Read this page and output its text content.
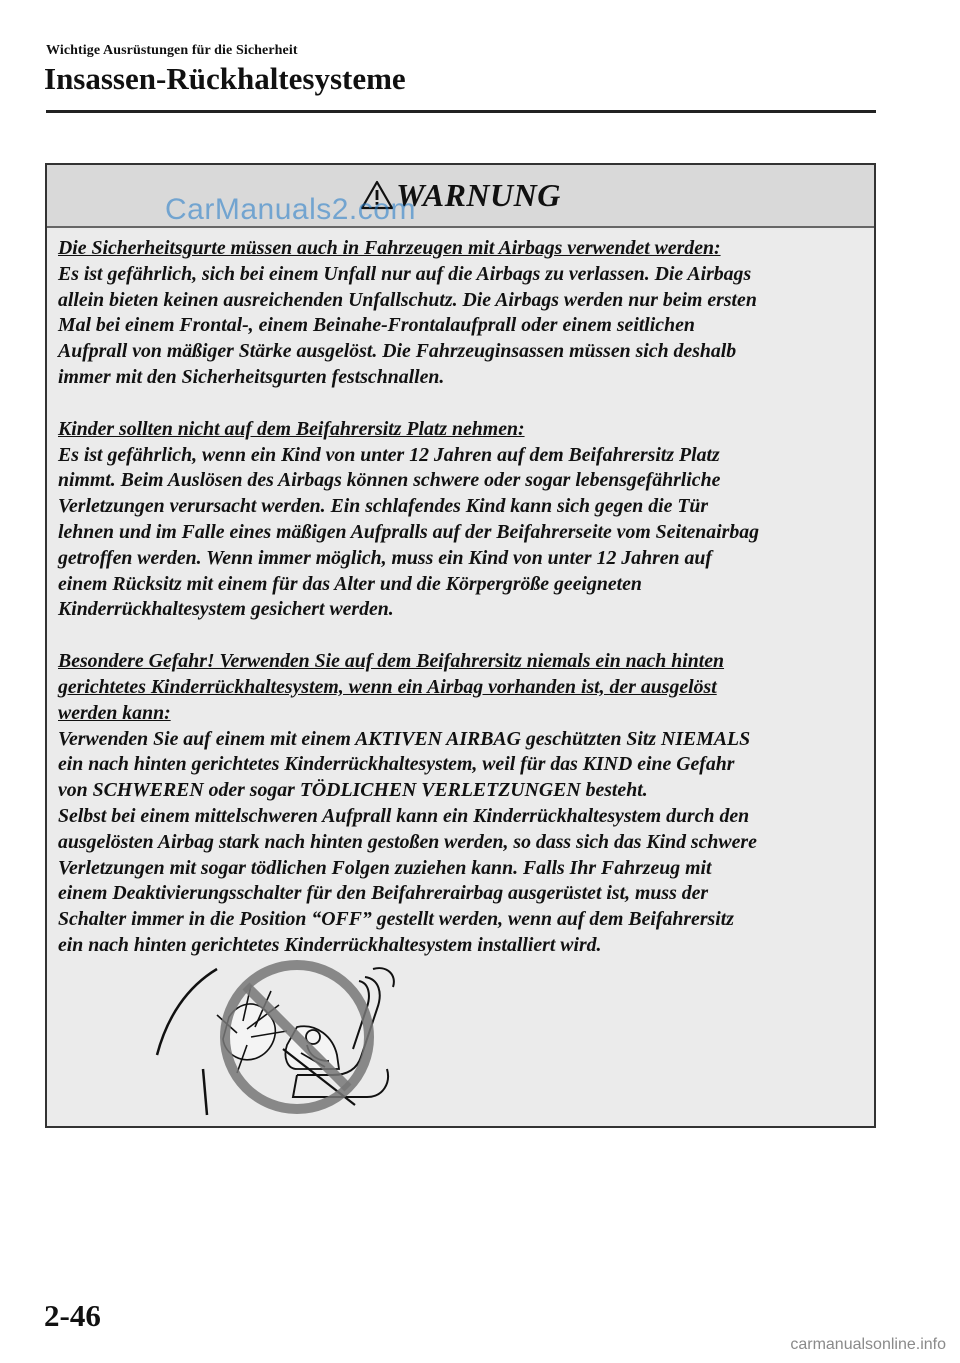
Wichtige Ausrüstungen für die Sicherheit
Insassen-Rückhaltesysteme
WARNUNG
CarManuals2.com

Die Sicherheitsgurte müssen auch in Fahrzeugen mit Airbags verwendet werden:
Es ist gefährlich, sich bei einem Unfall nur auf die Airbags zu verlassen. Die Airbags
allein bieten keinen ausreichenden Unfallschutz. Die Airbags werden nur beim ersten
Mal bei einem Frontal-, einem Beinahe-Frontalaufprall oder einem seitlichen
Aufprall von mäßiger Stärke ausgelöst. Die Fahrzeuginsassen müssen sich deshalb
immer mit den Sicherheitsgurten festschnallen.

Kinder sollten nicht auf dem Beifahrersitz Platz nehmen:
Es ist gefährlich, wenn ein Kind von unter 12 Jahren auf dem Beifahrersitz Platz
nimmt. Beim Auslösen des Airbags können schwere oder sogar lebensgefährliche
Verletzungen verursacht werden. Ein schlafendes Kind kann sich gegen die Tür
lehnen und im Falle eines mäßigen Aufpralls auf der Beifahrerseite vom Seitenairbag
getroffen werden. Wenn immer möglich, muss ein Kind von unter 12 Jahren auf
einem Rücksitz mit einem für das Alter und die Körpergröße geeigneten
Kinderrückhaltesystem gesichert werden.

Besondere Gefahr! Verwenden Sie auf dem Beifahrersitz niemals ein nach hinten
gerichtetes Kinderrückhaltesystem, wenn ein Airbag vorhanden ist, der ausgelöst
werden kann:
Verwenden Sie auf einem mit einem AKTIVEN AIRBAG geschützten Sitz NIEMALS
ein nach hinten gerichtetes Kinderrückhaltesystem, weil für das KIND eine Gefahr
von SCHWEREN oder sogar TÖDLICHEN VERLETZUNGEN besteht.
Selbst bei einem mittelschweren Aufprall kann ein Kinderrückhaltesystem durch den
ausgelösten Airbag stark nach hinten gestoßen werden, so dass sich das Kind schwere
Verletzungen mit sogar tödlichen Folgen zuziehen kann. Falls Ihr Fahrzeug mit
einem Deaktivierungsschalter für den Beifahrerairbag ausgerüstet ist, muss der
Schalter immer in die Position “OFF” gestellt werden, wenn auf dem Beifahrersitz
ein nach hinten gerichtetes Kinderrückhaltesystem installiert wird.

2-46
carmanualsonline.info
